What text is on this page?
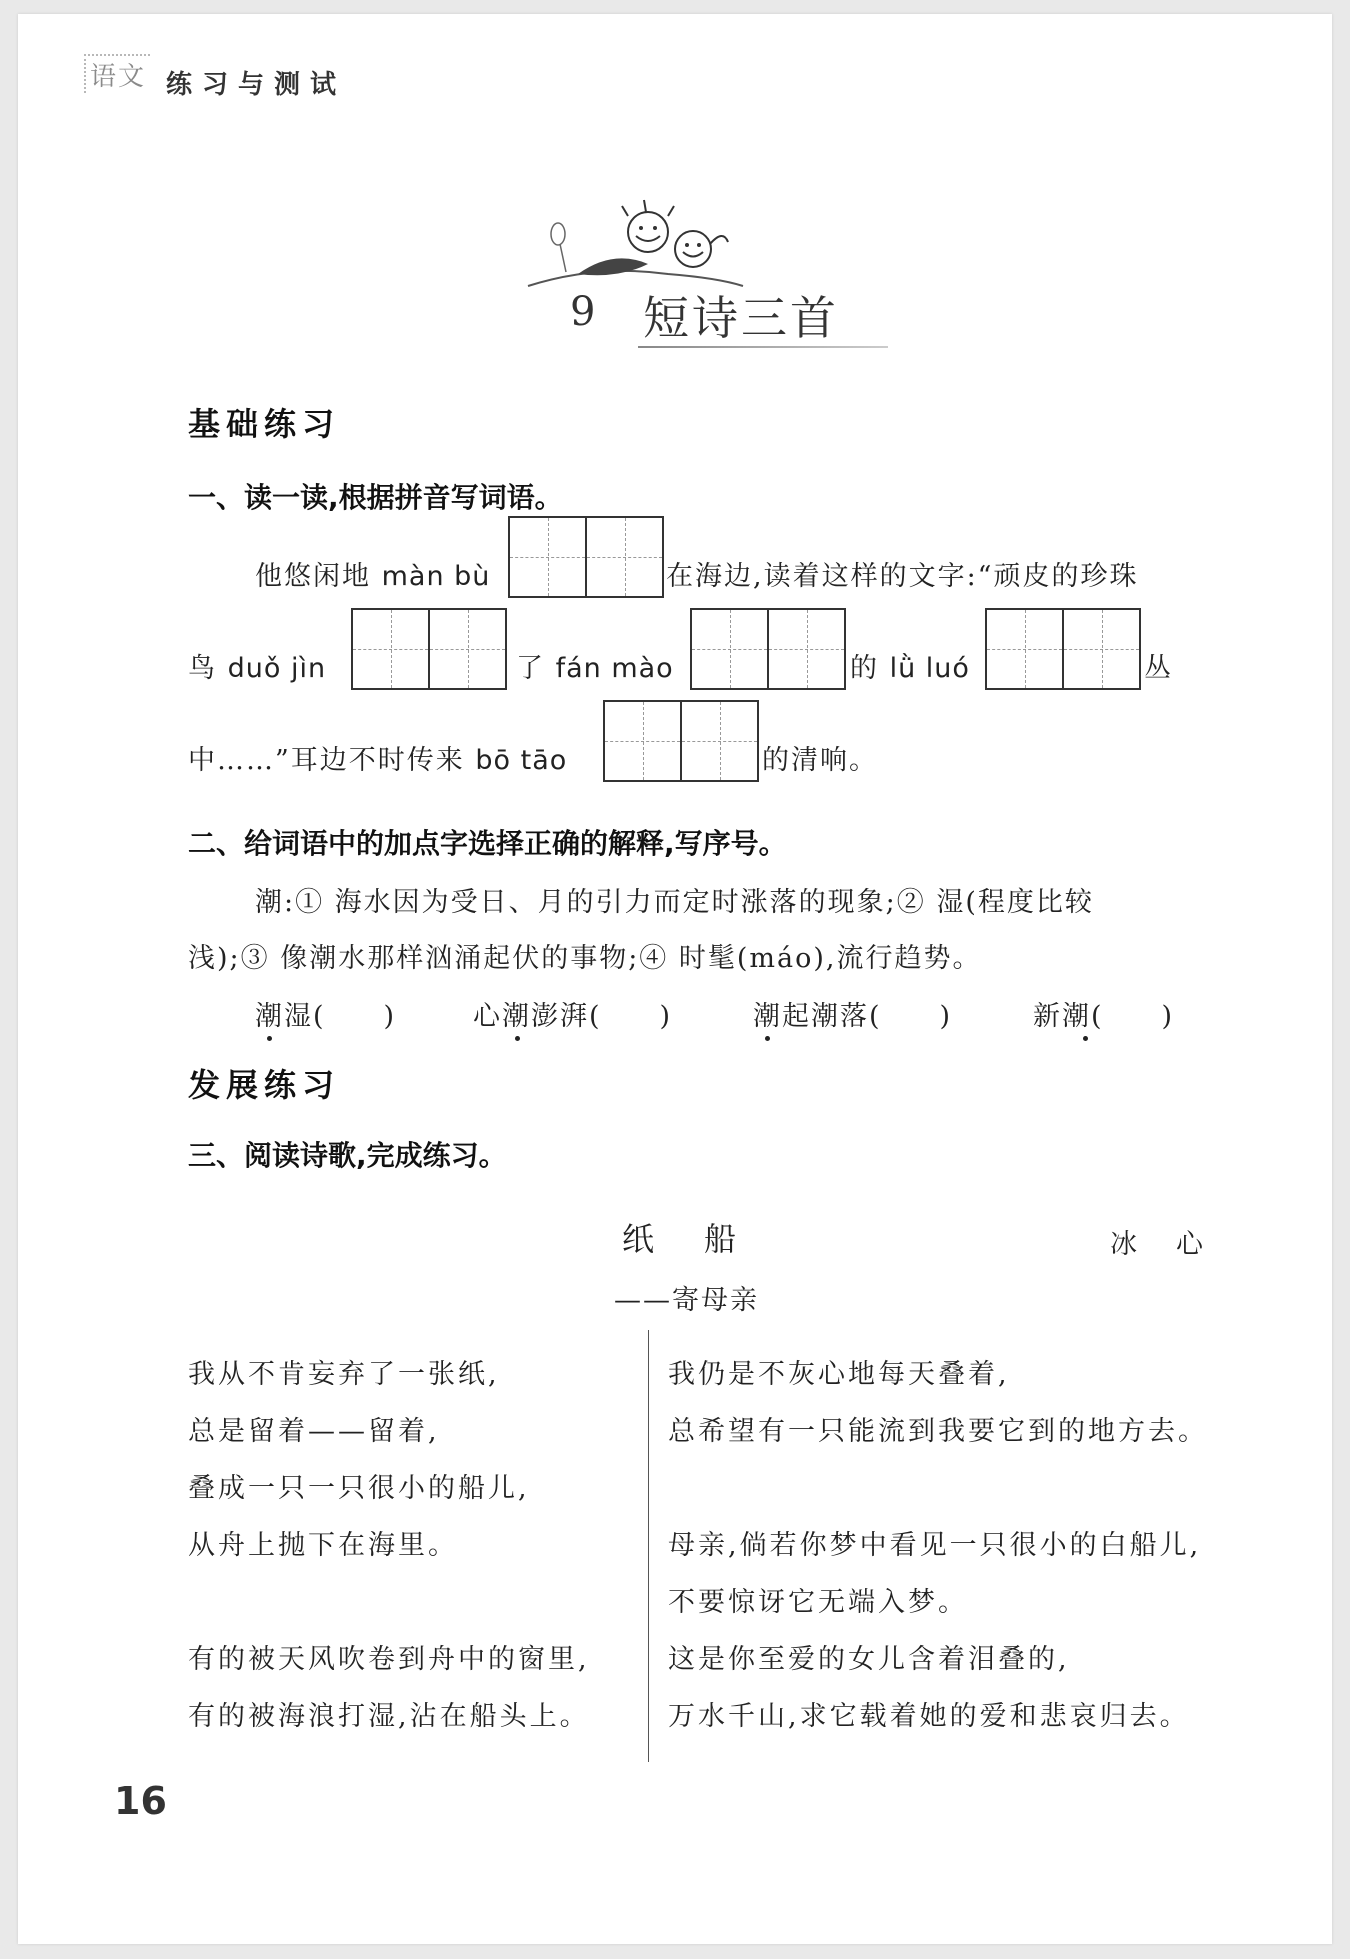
语文 练习与测试
9 短诗三首
基础练习
一、读一读,根据拼音写词语。
他悠闲地 màn bù	在海边,读着这样的文字:“顽皮的珍珠
鸟 duǒ jìn	了 fán mào	的 lǜ luó	丛
中……”耳边不时传来 bō tāo	的清响。
二、给词语中的加点字选择正确的解释,写序号。
潮:① 海水因为受日、月的引力而定时涨落的现象;② 湿(程度比较
浅);③ 像潮水那样汹涌起伏的事物;④ 时髦(máo),流行趋势。
潮湿(　　)	心潮澎湃(　　)	潮起潮落(　　)	新潮(　　)
发展练习
三、阅读诗歌,完成练习。
纸船	冰　心
——寄母亲
我从不肯妄弃了一张纸,
总是留着——留着,
叠成一只一只很小的船儿,
从舟上抛下在海里。
有的被天风吹卷到舟中的窗里,
有的被海浪打湿,沾在船头上。
我仍是不灰心地每天叠着,
总希望有一只能流到我要它到的地方去。
母亲,倘若你梦中看见一只很小的白船儿,
不要惊讶它无端入梦。
这是你至爱的女儿含着泪叠的,
万水千山,求它载着她的爱和悲哀归去。
16
